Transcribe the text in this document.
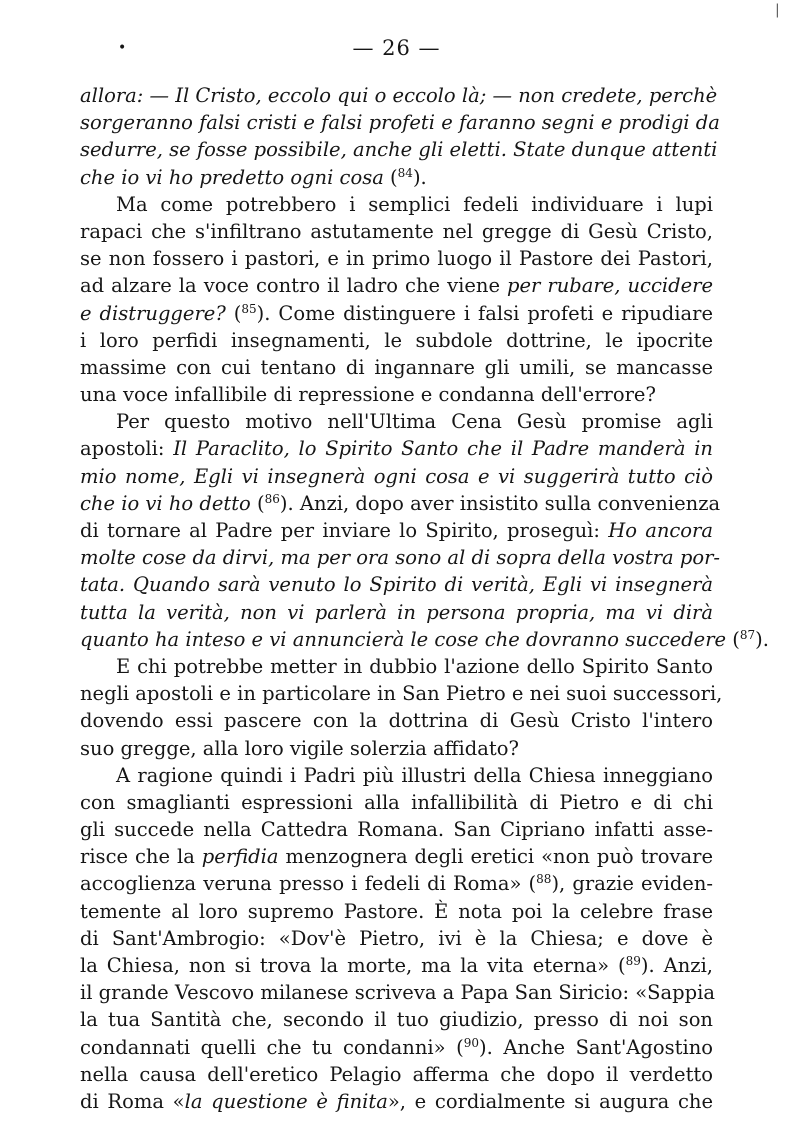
|
•	— 26 —
allora: — Il Cristo, eccolo qui o eccolo là; — non credete, perchè
sorgeranno falsi cristi e falsi profeti e faranno segni e prodigi da
sedurre, se fosse possibile, anche gli eletti. State dunque attenti
che io vi ho predetto ogni cosa ($^{84}$).
Ma come potrebbero i semplici fedeli individuare i lupi
rapaci che s'infiltrano astutamente nel gregge di Gesù Cristo,
se non fossero i pastori, e in primo luogo il Pastore dei Pastori,
ad alzare la voce contro il ladro che viene per rubare, uccidere
e distruggere? ($^{85}$). Come distinguere i falsi profeti e ripudiare
i loro perfidi insegnamenti, le subdole dottrine, le ipocrite
massime con cui tentano di ingannare gli umili, se mancasse
una voce infallibile di repressione e condanna dell'errore?
Per questo motivo nell'Ultima Cena Gesù promise agli
apostoli: Il Paraclito, lo Spirito Santo che il Padre manderà in
mio nome, Egli vi insegnerà ogni cosa e vi suggerirà tutto ciò
che io vi ho detto ($^{86}$). Anzi, dopo aver insistito sulla convenienza
di tornare al Padre per inviare lo Spirito, proseguì: Ho ancora
molte cose da dirvi, ma per ora sono al di sopra della vostra por-
tata. Quando sarà venuto lo Spirito di verità, Egli vi insegnerà
tutta la verità, non vi parlerà in persona propria, ma vi dirà
quanto ha inteso e vi annuncierà le cose che dovranno succedere ($^{87}$).
E chi potrebbe metter in dubbio l'azione dello Spirito Santo
negli apostoli e in particolare in San Pietro e nei suoi successori,
dovendo essi pascere con la dottrina di Gesù Cristo l'intero
suo gregge, alla loro vigile solerzia affidato?
A ragione quindi i Padri più illustri della Chiesa inneggiano
con smaglianti espressioni alla infallibilità di Pietro e di chi
gli succede nella Cattedra Romana. San Cipriano infatti asse-
risce che la perfidia menzognera degli eretici «non può trovare
accoglienza veruna presso i fedeli di Roma» ($^{88}$), grazie eviden-
temente al loro supremo Pastore. È nota poi la celebre frase
di Sant'Ambrogio: «Dov'è Pietro, ivi è la Chiesa; e dove è
la Chiesa, non si trova la morte, ma la vita eterna» ($^{89}$). Anzi,
il grande Vescovo milanese scriveva a Papa San Siricio: «Sappia
la tua Santità che, secondo il tuo giudizio, presso di noi son
condannati quelli che tu condanni» ($^{90}$). Anche Sant'Agostino
nella causa dell'eretico Pelagio afferma che dopo il verdetto
di Roma «la questione è finita», e cordialmente si augura che
